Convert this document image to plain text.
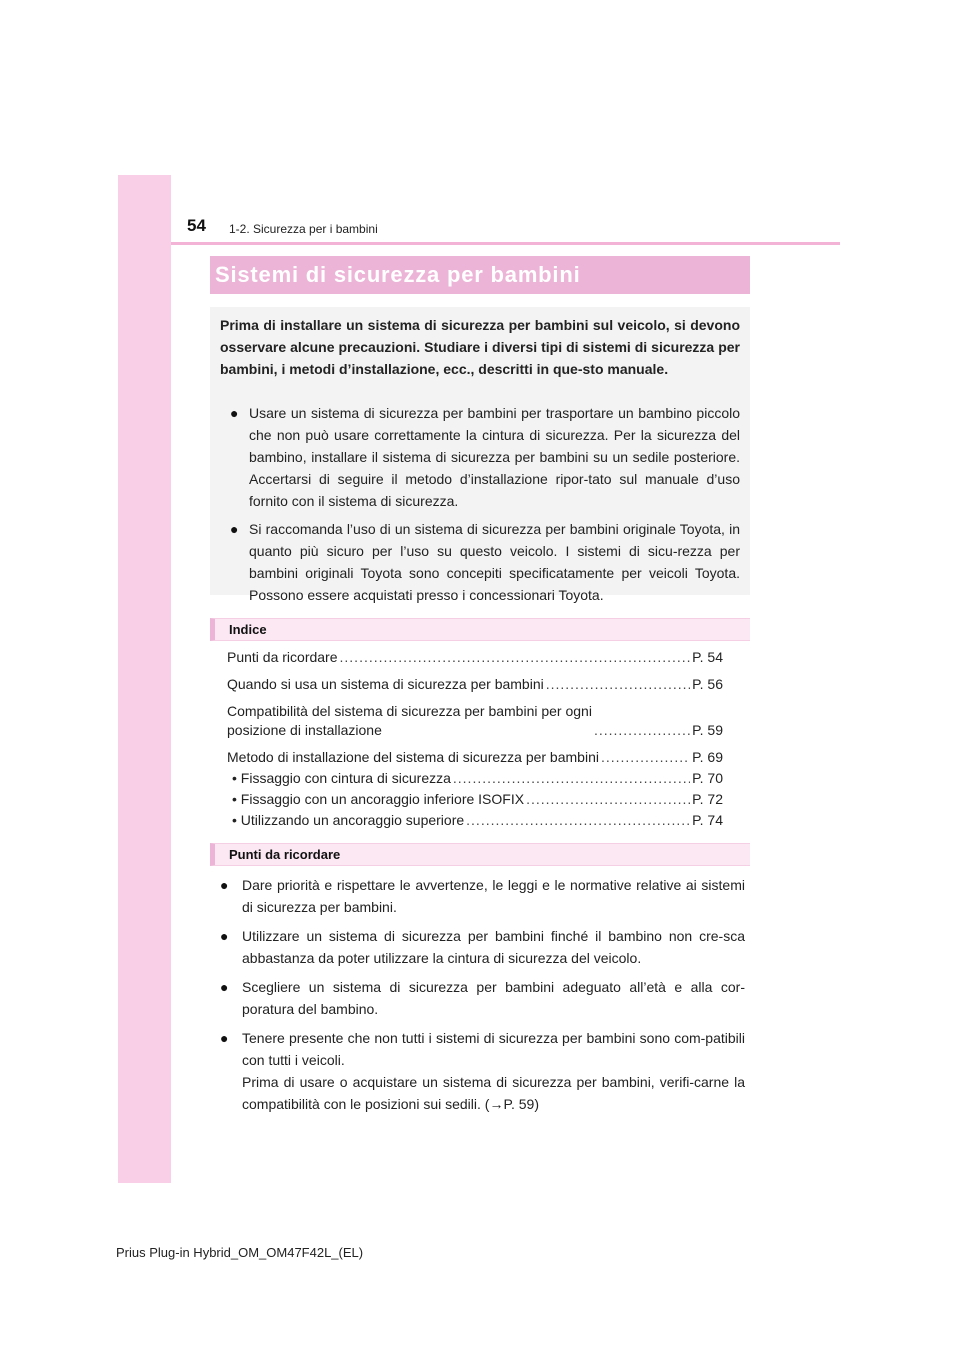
54 1-2. Sicurezza per i bambini
Sistemi di sicurezza per bambini
Prima di installare un sistema di sicurezza per bambini sul veicolo, si devono osservare alcune precauzioni. Studiare i diversi tipi di sistemi di sicurezza per bambini, i metodi d’installazione, ecc., descritti in que-sto manuale.
● Usare un sistema di sicurezza per bambini per trasportare un bambino piccolo che non può usare correttamente la cintura di sicurezza. Per la sicurezza del bambino, installare il sistema di sicurezza per bambini su un sedile posteriore. Accertarsi di seguire il metodo d’installazione ripor-tato sul manuale d’uso fornito con il sistema di sicurezza.
● Si raccomanda l’uso di un sistema di sicurezza per bambini originale Toyota, in quanto più sicuro per l’uso su questo veicolo. I sistemi di sicu-rezza per bambini originali Toyota sono concepiti specificatamente per veicoli Toyota. Possono essere acquistati presso i concessionari Toyota.
Indice
Punti da ricordare .....	P. 54
Quando si usa un sistema di sicurezza per bambini .....	P. 56
Compatibilità del sistema di sicurezza per bambini per ogni
posizione di installazione .....	P. 59
Metodo di installazione del sistema di sicurezza per bambini .....	P. 69
• Fissaggio con cintura di sicurezza .....	P. 70
• Fissaggio con un ancoraggio inferiore ISOFIX .....	P. 72
• Utilizzando un ancoraggio superiore .....	P. 74
Punti da ricordare
● Dare priorità e rispettare le avvertenze, le leggi e le normative relative ai sistemi di sicurezza per bambini.
● Utilizzare un sistema di sicurezza per bambini finché il bambino non cre-sca abbastanza da poter utilizzare la cintura di sicurezza del veicolo.
● Scegliere un sistema di sicurezza per bambini adeguato all’età e alla cor-poratura del bambino.
● Tenere presente che non tutti i sistemi di sicurezza per bambini sono com-patibili con tutti i veicoli.
Prima di usare o acquistare un sistema di sicurezza per bambini, verifi-carne la compatibilità con le posizioni sui sedili. (→P. 59)
Prius Plug-in Hybrid_OM_OM47F42L_(EL)
